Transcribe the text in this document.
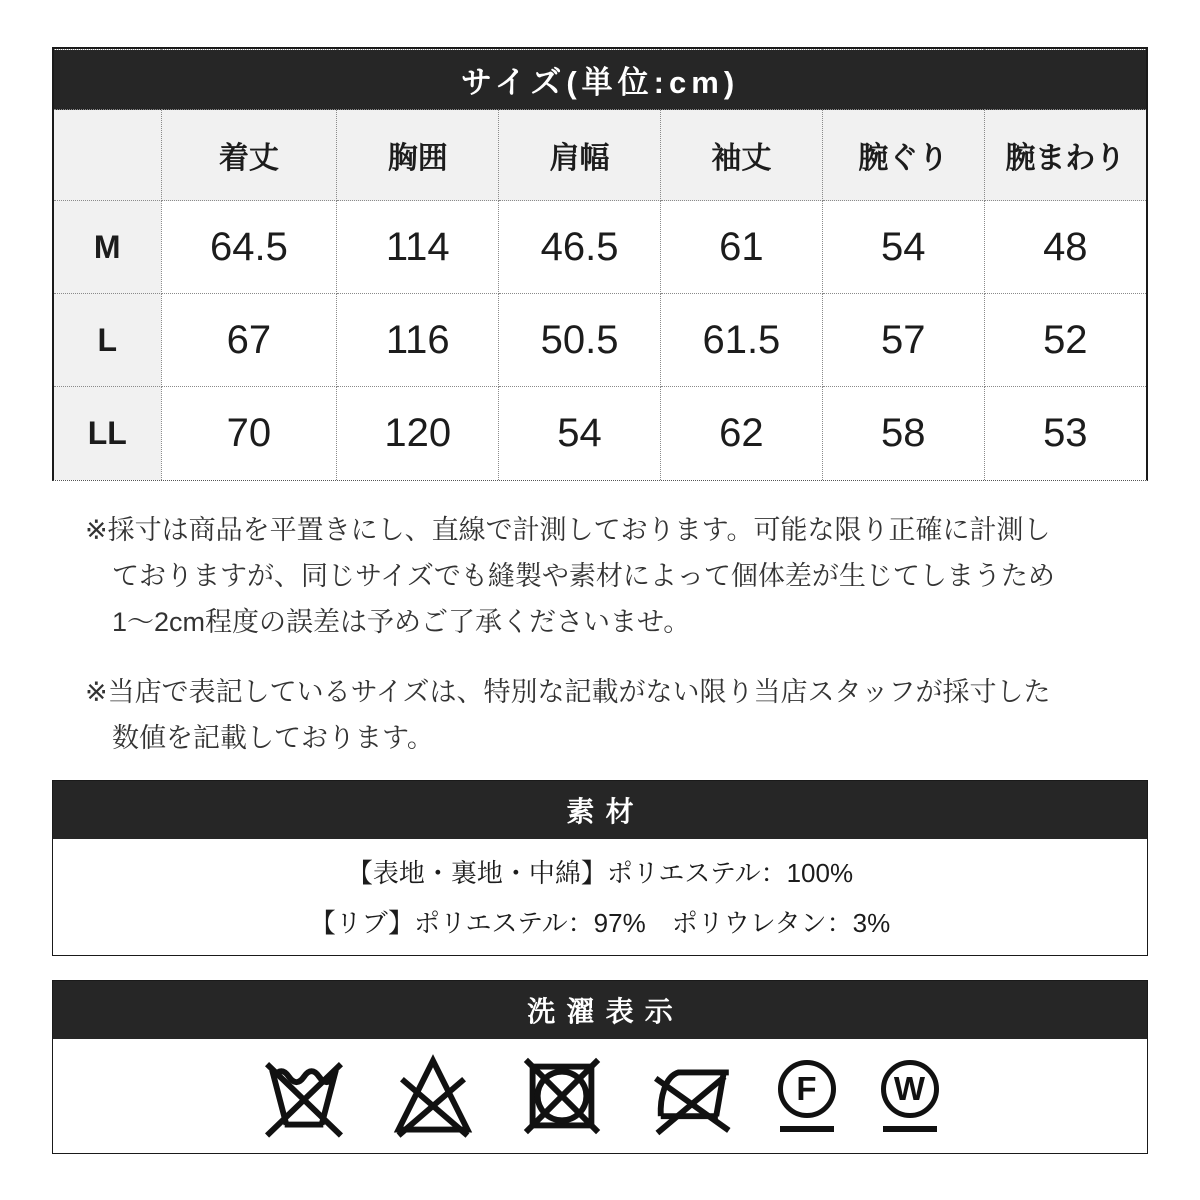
サイズ(単位:cm)						
	着丈	胸囲	肩幅	袖丈	腕ぐり	腕まわり
M	64.5	114	46.5	61	54	48
L	67	116	50.5	61.5	57	52
LL	70	120	54	62	58	53
※採寸は商品を平置きにし、直線で計測しております。可能な限り正確に計測し
ておりますが、同じサイズでも縫製や素材によって個体差が生じてしまうため
1〜2cm程度の誤差は予めご了承くださいませ。
※当店で表記しているサイズは、特別な記載がない限り当店スタッフが採寸した
数値を記載しております。
素材
【表地・裏地・中綿】ポリエステル：100%
【リブ】ポリエステル：97%　ポリウレタン：3%
洗濯表示
F	W
